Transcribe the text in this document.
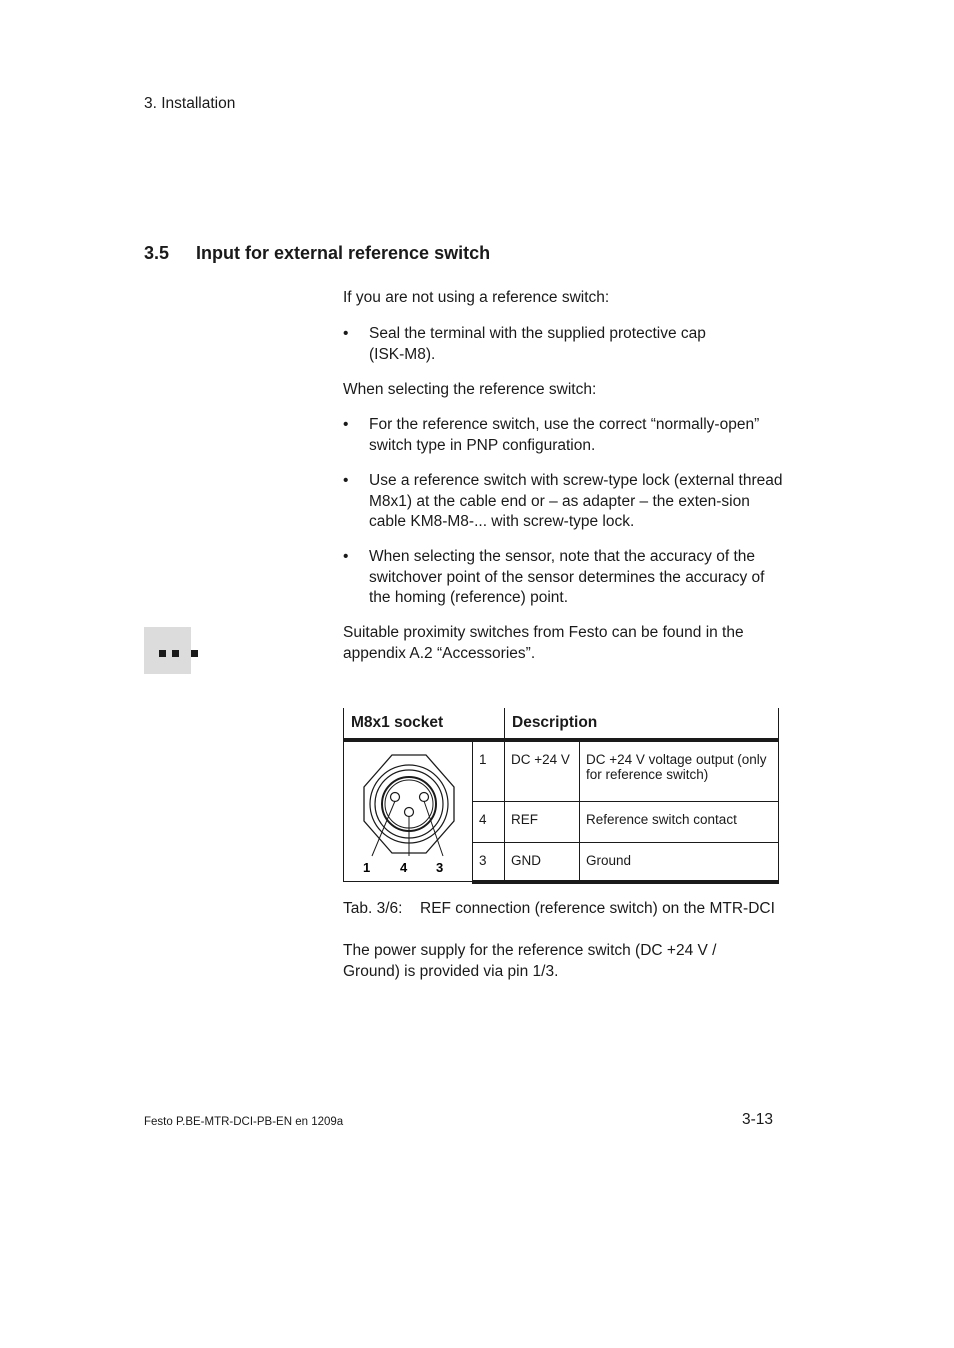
3. Installation
3.5 Input for external reference switch

If you are not using a reference switch:

• Seal the terminal with the supplied protective cap (ISK-M8).

When selecting the reference switch:

• For the reference switch, use the correct “normally-open” switch type in PNP configuration.
• Use a reference switch with screw-type lock (external thread M8x1) at the cable end or – as adapter – the exten-sion cable KM8-M8-... with screw-type lock.
• When selecting the sensor, note that the accuracy of the switchover point of the sensor determines the accuracy of the homing (reference) point.

Suitable proximity switches from Festo can be found in the appendix A.2 “Accessories”.

M8x1 socket		Description	

1 4 3	1	DC +24 V	DC +24 V voltage output (only for reference switch)
	4	REF	Reference switch contact
	3	GND	Ground
Tab. 3/6: REF connection (reference switch) on the MTR-DCI

The power supply for the reference switch (DC +24 V / Ground) is provided via pin 1/3.

Festo P.BE-MTR-DCI-PB-EN en 1209a	3-13
